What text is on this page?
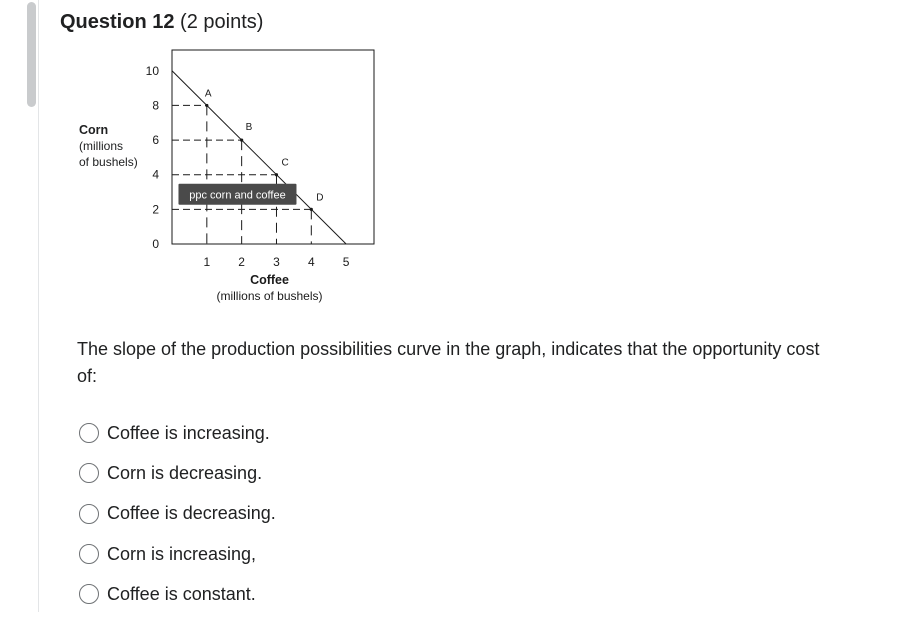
Question 12 (2 points)
Corn
(millions
of bushels)
A
B
C
D
ppc corn and coffee
10
8
6
4
2
0
1 2 3 4 5
Coffee
(millions of bushels)
The slope of the production possibilities curve in the graph, indicates that the opportunity cost of:
Coffee is increasing.
Corn is decreasing.
Coffee is decreasing.
Corn is increasing,
Coffee is constant.
